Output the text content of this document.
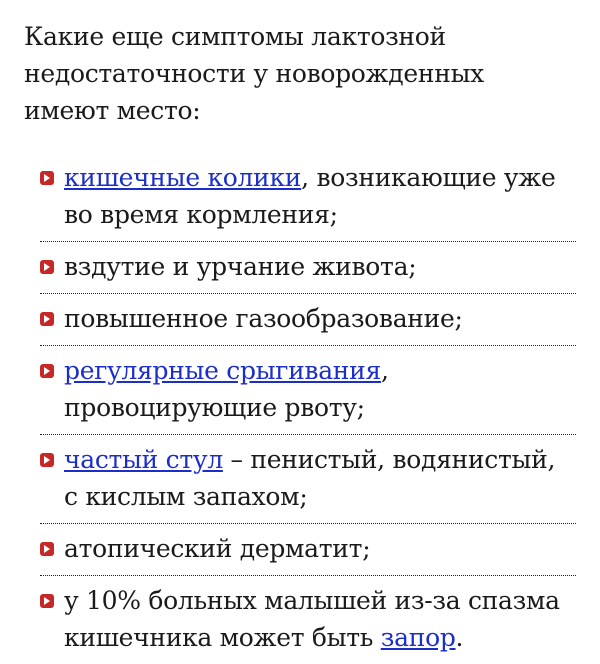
Какие еще симптомы лактозной недостаточности у новорожденных имеют место:

кишечные колики, возникающие уже во время кормления;
вздутие и урчание живота;
повышенное газообразование;
регулярные срыгивания, провоцирующие рвоту;
частый стул – пенистый, водянистый, с кислым запахом;
атопический дерматит;
у 10% больных малышей из-за спазма кишечника может быть запор.
